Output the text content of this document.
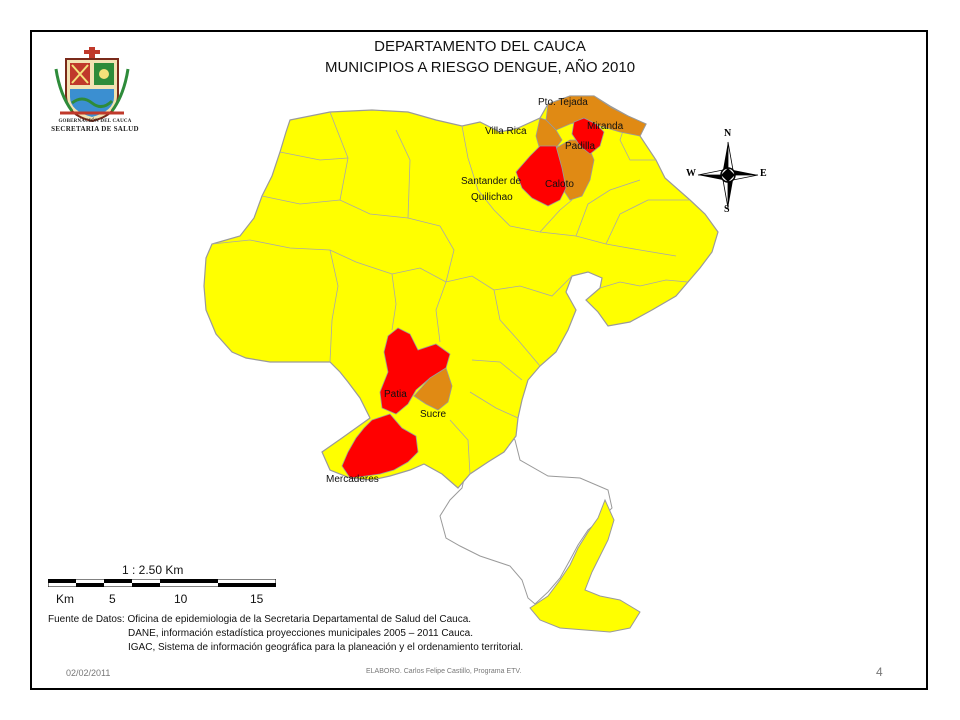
DEPARTAMENTO DEL CAUCA
MUNICIPIOS A RIESGO DENGUE, AÑO 2010
GOBERNACIÓN DEL CAUCA
SECRETARIA DE SALUD
Pto. Tejada
Villa Rica	Miranda
Padilla
Santander de
Quilichao
Caloto
Patia
Sucre
Mercaderes
N
S
W	E
1 : 2.50 Km
Km	5	10	15
Fuente de Datos: Oficina de epidemiologia de la Secretaria Departamental de Salud del Cauca.
DANE, información estadística proyecciones municipales 2005 – 2011 Cauca.
IGAC, Sistema de información geográfica para la planeación y el ordenamiento territorial.
02/02/2011	ELABORO. Carlos Felipe Castillo, Programa ETV.	4
